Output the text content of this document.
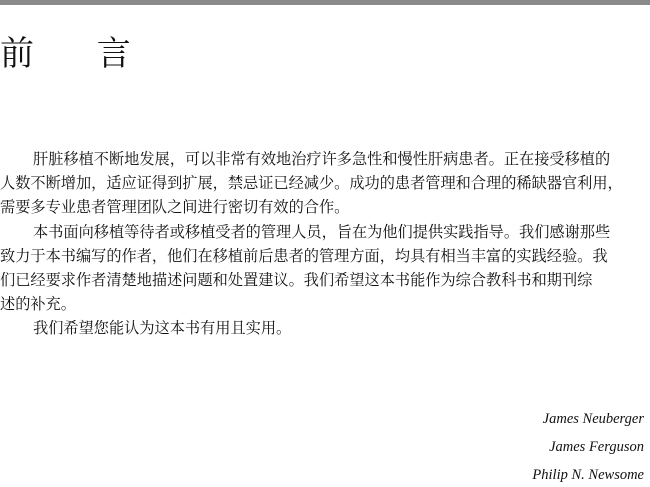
前 言

肝脏移植不断地发展，可以非常有效地治疗许多急性和慢性肝病患者。正在接受移植的
人数不断增加，适应证得到扩展，禁忌证已经减少。成功的患者管理和合理的稀缺器官利用，
需要多专业患者管理团队之间进行密切有效的合作。

本书面向移植等待者或移植受者的管理人员，旨在为他们提供实践指导。我们感谢那些
致力于本书编写的作者，他们在移植前后患者的管理方面，均具有相当丰富的实践经验。我
们已经要求作者清楚地描述问题和处置建议。我们希望这本书能作为综合教科书和期刊综
述的补充。

我们希望您能认为这本书有用且实用。

James Neuberger
James Ferguson
Philip N. Newsome
